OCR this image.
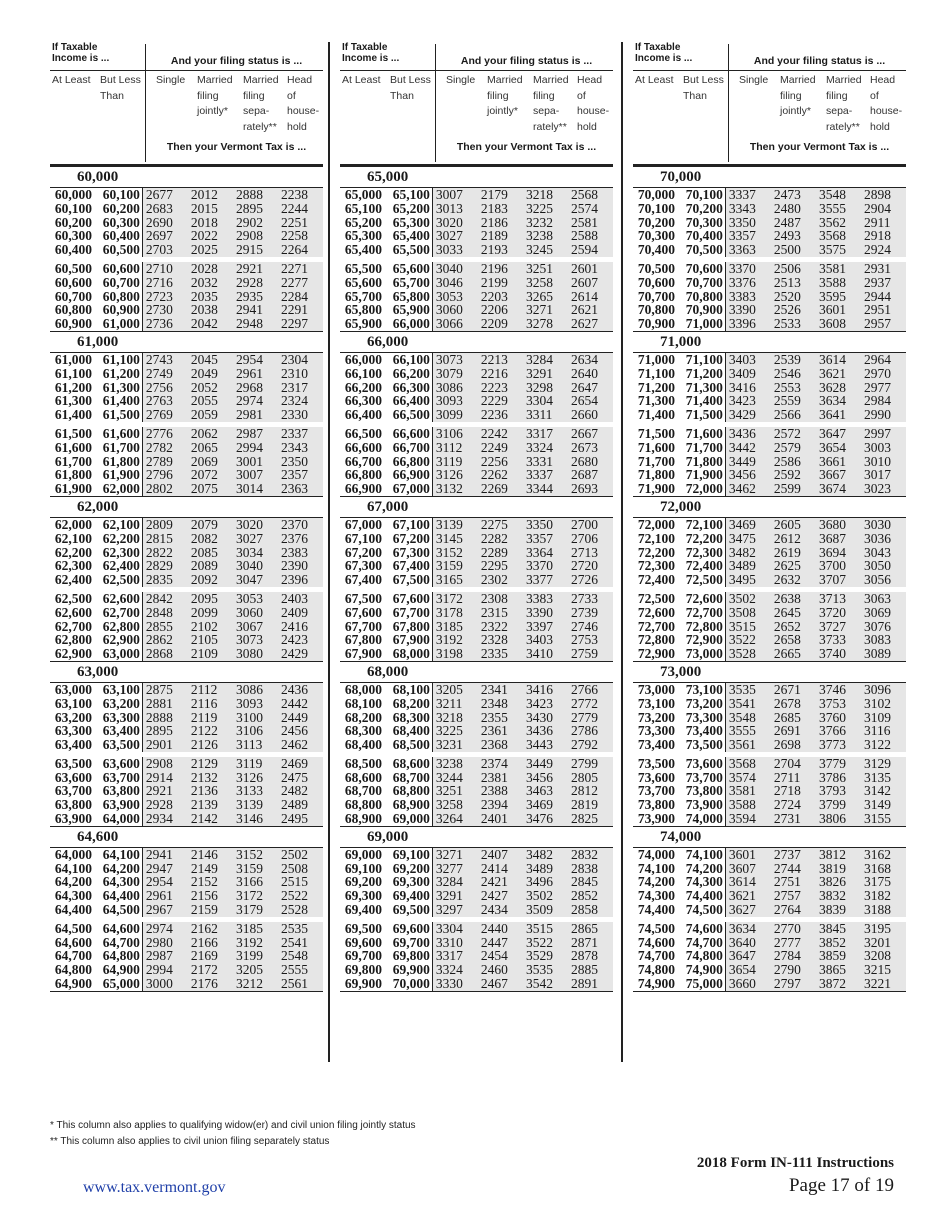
If Taxable
Income is ...	And your filing status is ...
At Least But Less
Than
Single Married
filing
jointly*
Married
filing
sepa-
rately**
Head of
house-
hold
Then your Vermont Tax is ...
60,000
60,000 60,100 2677	2012	2888	2238
60,100 60,200 2683	2015	2895	2244
60,200 60,300 2690	2018	2902	2251
60,300 60,400 2697	2022	2908	2258
60,400 60,500 2703	2025	2915	2264
60,500 60,600 2710	2028	2921	2271
60,600 60,700 2716	2032	2928	2277
60,700 60,800 2723	2035	2935	2284
60,800 60,900 2730	2038	2941	2291
60,900 61,000 2736	2042	2948	2297
61,000
61,000 61,100 2743	2045	2954	2304
61,100 61,200 2749	2049	2961	2310
61,200 61,300 2756	2052	2968	2317
61,300 61,400 2763	2055	2974	2324
61,400 61,500 2769	2059	2981	2330
61,500 61,600 2776	2062	2987	2337
61,600 61,700 2782	2065	2994	2343
61,700 61,800 2789	2069	3001	2350
61,800 61,900 2796	2072	3007	2357
61,900 62,000 2802	2075	3014	2363
62,000
62,000 62,100 2809	2079	3020	2370
62,100 62,200 2815	2082	3027	2376
62,200 62,300 2822	2085	3034	2383
62,300 62,400 2829	2089	3040	2390
62,400 62,500 2835	2092	3047	2396
62,500 62,600 2842	2095	3053	2403
62,600 62,700 2848	2099	3060	2409
62,700 62,800 2855	2102	3067	2416
62,800 62,900 2862	2105	3073	2423
62,900 63,000 2868	2109	3080	2429
63,000
63,000 63,100 2875	2112	3086	2436
63,100 63,200 2881	2116	3093	2442
63,200 63,300 2888	2119	3100	2449
63,300 63,400 2895	2122	3106	2456
63,400 63,500 2901	2126	3113	2462
63,500 63,600 2908	2129	3119	2469
63,600 63,700 2914	2132	3126	2475
63,700 63,800 2921	2136	3133	2482
63,800 63,900 2928	2139	3139	2489
63,900 64,000 2934	2142	3146	2495
64,600
64,000 64,100 2941	2146	3152	2502
64,100 64,200 2947	2149	3159	2508
64,200 64,300 2954	2152	3166	2515
64,300 64,400 2961	2156	3172	2522
64,400 64,500 2967	2159	3179	2528
64,500 64,600 2974	2162	3185	2535
64,600 64,700 2980	2166	3192	2541
64,700 64,800 2987	2169	3199	2548
64,800 64,900 2994	2172	3205	2555
64,900 65,000 3000	2176	3212	2561
If Taxable
Income is ...	And your filing status is ...
At Least But Less
Than
Single Married
filing
jointly*
Married
filing
sepa-
rately**
Head of
house-
hold
Then your Vermont Tax is ...
65,000
65,000 65,100 3007	2179	3218	2568
65,100 65,200 3013	2183	3225	2574
65,200 65,300 3020	2186	3232	2581
65,300 65,400 3027	2189	3238	2588
65,400 65,500 3033	2193	3245	2594
65,500 65,600 3040	2196	3251	2601
65,600 65,700 3046	2199	3258	2607
65,700 65,800 3053	2203	3265	2614
65,800 65,900 3060	2206	3271	2621
65,900 66,000 3066	2209	3278	2627
66,000
66,000 66,100 3073	2213	3284	2634
66,100 66,200 3079	2216	3291	2640
66,200 66,300 3086	2223	3298	2647
66,300 66,400 3093	2229	3304	2654
66,400 66,500 3099	2236	3311	2660
66,500 66,600 3106	2242	3317	2667
66,600 66,700 3112	2249	3324	2673
66,700 66,800 3119	2256	3331	2680
66,800 66,900 3126	2262	3337	2687
66,900 67,000 3132	2269	3344	2693
67,000
67,000 67,100 3139	2275	3350	2700
67,100 67,200 3145	2282	3357	2706
67,200 67,300 3152	2289	3364	2713
67,300 67,400 3159	2295	3370	2720
67,400 67,500 3165	2302	3377	2726
67,500 67,600 3172	2308	3383	2733
67,600 67,700 3178	2315	3390	2739
67,700 67,800 3185	2322	3397	2746
67,800 67,900 3192	2328	3403	2753
67,900 68,000 3198	2335	3410	2759
68,000
68,000 68,100 3205	2341	3416	2766
68,100 68,200 3211	2348	3423	2772
68,200 68,300 3218	2355	3430	2779
68,300 68,400 3225	2361	3436	2786
68,400 68,500 3231	2368	3443	2792
68,500 68,600 3238	2374	3449	2799
68,600 68,700 3244	2381	3456	2805
68,700 68,800 3251	2388	3463	2812
68,800 68,900 3258	2394	3469	2819
68,900 69,000 3264	2401	3476	2825
69,000
69,000 69,100 3271	2407	3482	2832
69,100 69,200 3277	2414	3489	2838
69,200 69,300 3284	2421	3496	2845
69,300 69,400 3291	2427	3502	2852
69,400 69,500 3297	2434	3509	2858
69,500 69,600 3304	2440	3515	2865
69,600 69,700 3310	2447	3522	2871
69,700 69,800 3317	2454	3529	2878
69,800 69,900 3324	2460	3535	2885
69,900 70,000 3330	2467	3542	2891
If Taxable
Income is ...	And your filing status is ...
At Least But Less
Than
Single Married
filing
jointly*
Married
filing
sepa-
rately**
Head of
house-
hold
Then your Vermont Tax is ...
70,000
70,000 70,100 3337	2473	3548	2898
70,100 70,200 3343	2480	3555	2904
70,200 70,300 3350	2487	3562	2911
70,300 70,400 3357	2493	3568	2918
70,400 70,500 3363	2500	3575	2924
70,500 70,600 3370	2506	3581	2931
70,600 70,700 3376	2513	3588	2937
70,700 70,800 3383	2520	3595	2944
70,800 70,900 3390	2526	3601	2951
70,900 71,000 3396	2533	3608	2957
71,000
71,000 71,100 3403	2539	3614	2964
71,100 71,200 3409	2546	3621	2970
71,200 71,300 3416	2553	3628	2977
71,300 71,400 3423	2559	3634	2984
71,400 71,500 3429	2566	3641	2990
71,500 71,600 3436	2572	3647	2997
71,600 71,700 3442	2579	3654	3003
71,700 71,800 3449	2586	3661	3010
71,800 71,900 3456	2592	3667	3017
71,900 72,000 3462	2599	3674	3023
72,000
72,000 72,100 3469	2605	3680	3030
72,100 72,200 3475	2612	3687	3036
72,200 72,300 3482	2619	3694	3043
72,300 72,400 3489	2625	3700	3050
72,400 72,500 3495	2632	3707	3056
72,500 72,600 3502	2638	3713	3063
72,600 72,700 3508	2645	3720	3069
72,700 72,800 3515	2652	3727	3076
72,800 72,900 3522	2658	3733	3083
72,900 73,000 3528	2665	3740	3089
73,000
73,000 73,100 3535	2671	3746	3096
73,100 73,200 3541	2678	3753	3102
73,200 73,300 3548	2685	3760	3109
73,300 73,400 3555	2691	3766	3116
73,400 73,500 3561	2698	3773	3122
73,500 73,600 3568	2704	3779	3129
73,600 73,700 3574	2711	3786	3135
73,700 73,800 3581	2718	3793	3142
73,800 73,900 3588	2724	3799	3149
73,900 74,000 3594	2731	3806	3155
74,000
74,000 74,100 3601	2737	3812	3162
74,100 74,200 3607	2744	3819	3168
74,200 74,300 3614	2751	3826	3175
74,300 74,400 3621	2757	3832	3182
74,400 74,500 3627	2764	3839	3188
74,500 74,600 3634	2770	3845	3195
74,600 74,700 3640	2777	3852	3201
74,700 74,800 3647	2784	3859	3208
74,800 74,900 3654	2790	3865	3215
74,900 75,000 3660	2797	3872	3221
* This column also applies to qualifying widow(er) and civil union filing jointly status
** This column also applies to civil union filing separately status
2018 Form IN-111 Instructions
Page 17 of 19
www.tax.vermont.gov
